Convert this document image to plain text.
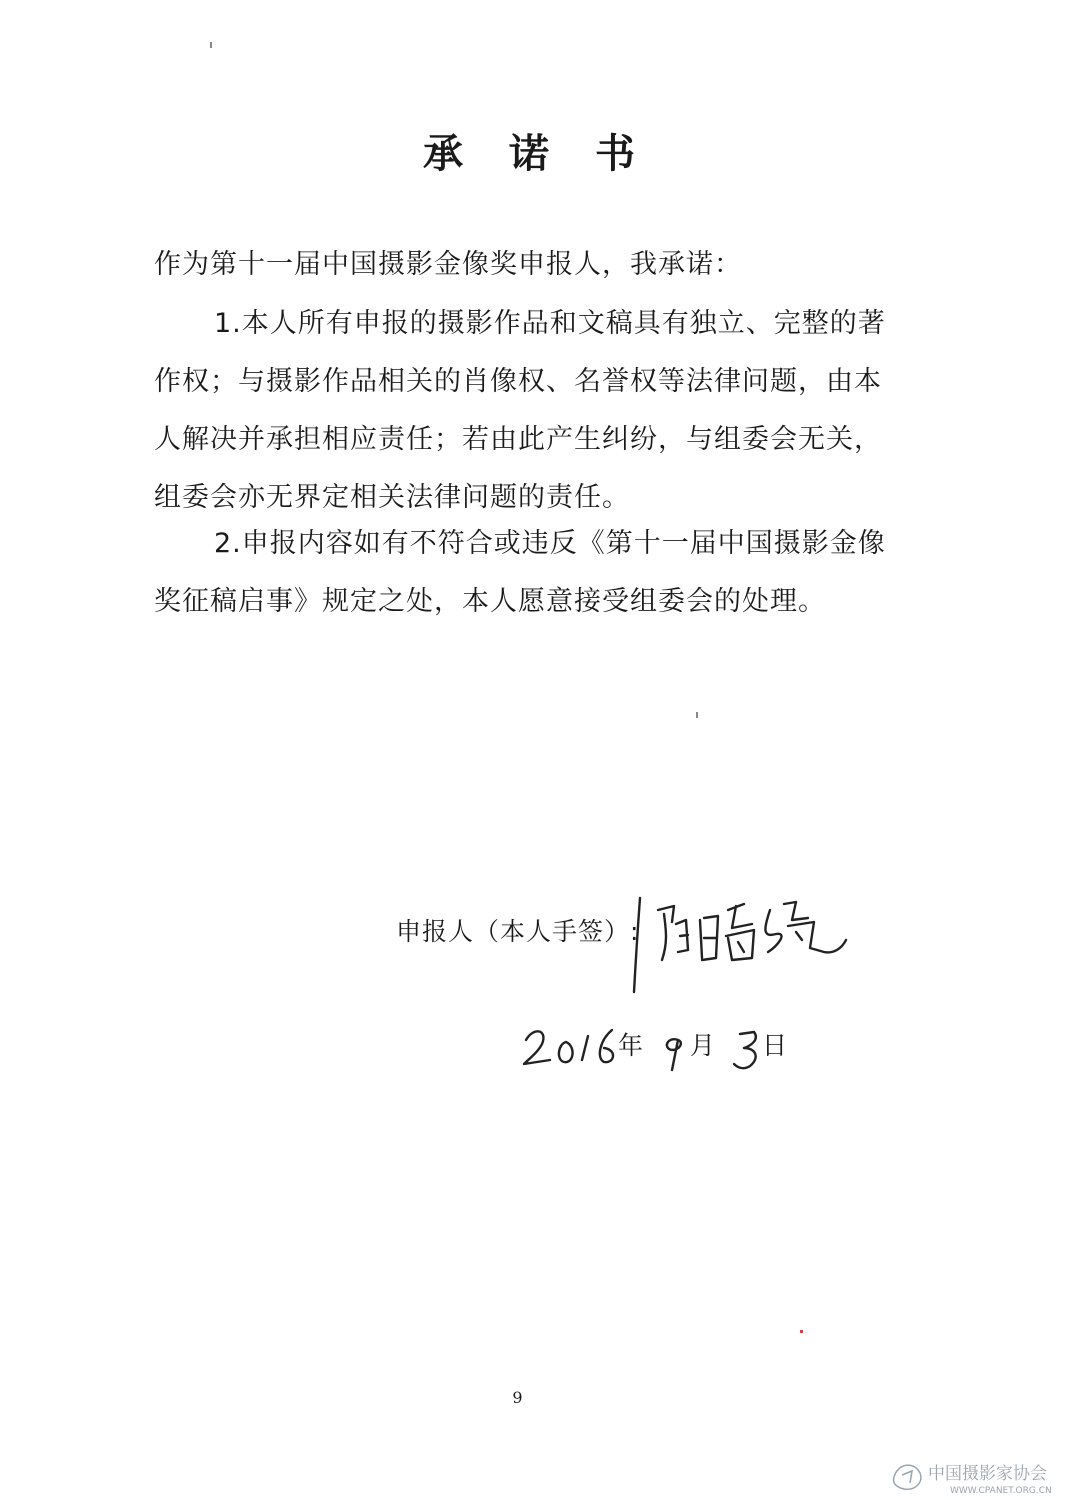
承 诺 书
作为第十一届中国摄影金像奖申报人，我承诺：
1.本人所有申报的摄影作品和文稿具有独立、完整的著作权；与摄影作品相关的肖像权、名誉权等法律问题，由本人解决并承担相应责任；若由此产生纠纷，与组委会无关，组委会亦无界定相关法律问题的责任。
2.申报内容如有不符合或违反《第十一届中国摄影金像奖征稿启事》规定之处，本人愿意接受组委会的处理。
申报人（本人手签）:
年 月 日
9
中国摄影家协会
WWW.CPANET.ORG.CN
